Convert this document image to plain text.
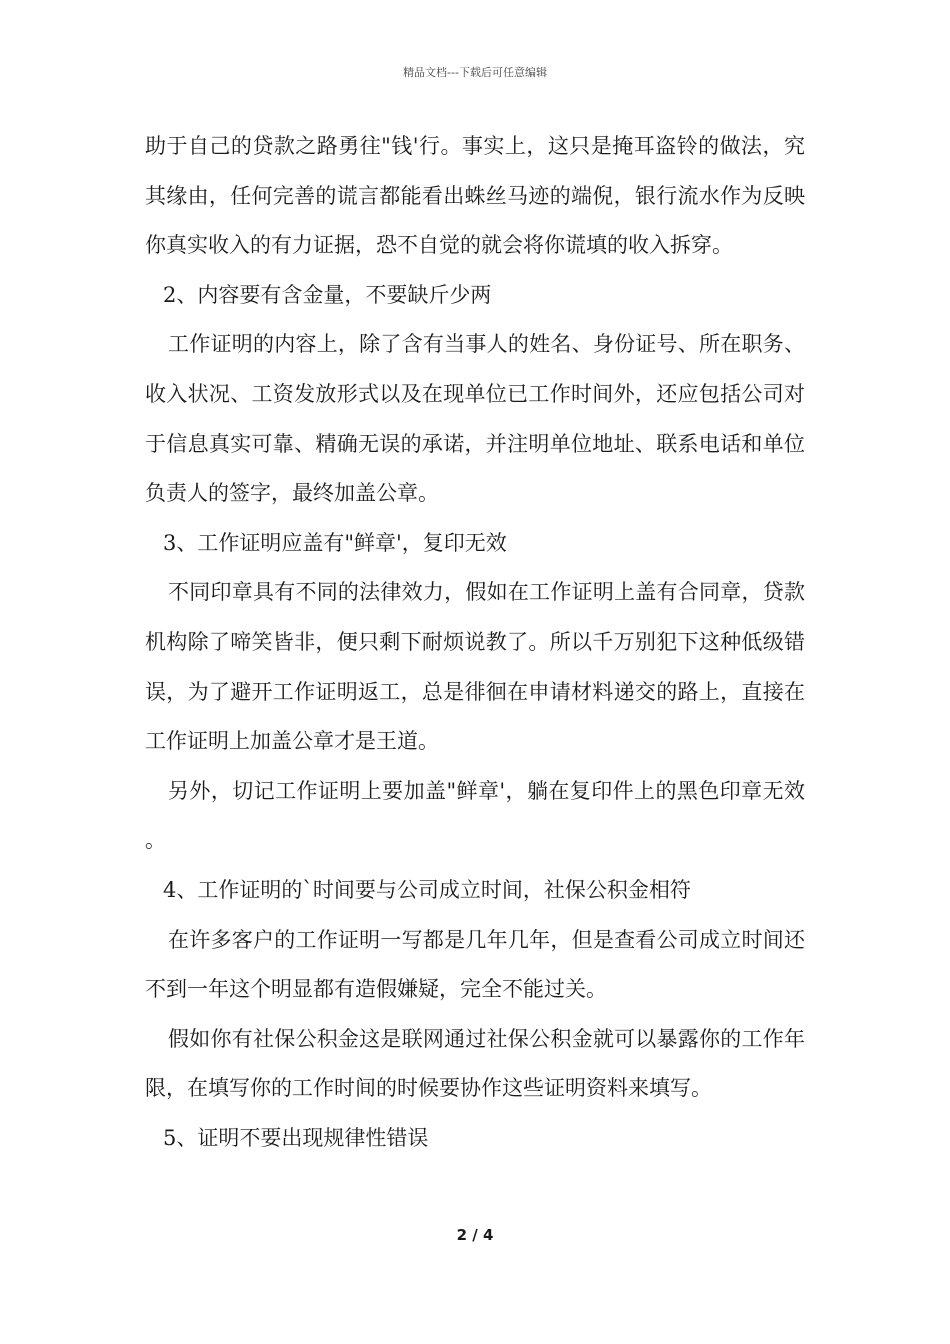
精品文档---下载后可任意编辑

助于自己的贷款之路勇往"钱'行。事实上，这只是掩耳盗铃的做法，究其缘由，任何完善的谎言都能看出蛛丝马迹的端倪，银行流水作为反映你真实收入的有力证据，恐不自觉的就会将你谎填的收入拆穿。

2、内容要有含金量，不要缺斤少两

工作证明的内容上，除了含有当事人的姓名、身份证号、所在职务、收入状况、工资发放形式以及在现单位已工作时间外，还应包括公司对于信息真实可靠、精确无误的承诺，并注明单位地址、联系电话和单位负责人的签字，最终加盖公章。

3、工作证明应盖有"鲜章'，复印无效

不同印章具有不同的法律效力，假如在工作证明上盖有合同章，贷款机构除了啼笑皆非，便只剩下耐烦说教了。所以千万别犯下这种低级错误，为了避开工作证明返工，总是徘徊在申请材料递交的路上，直接在工作证明上加盖公章才是王道。

另外，切记工作证明上要加盖"鲜章'，躺在复印件上的黑色印章无效。

4、工作证明的`时间要与公司成立时间，社保公积金相符

在许多客户的工作证明一写都是几年几年，但是查看公司成立时间还不到一年这个明显都有造假嫌疑，完全不能过关。

假如你有社保公积金这是联网通过社保公积金就可以暴露你的工作年限，在填写你的工作时间的时候要协作这些证明资料来填写。

5、证明不要出现规律性错误

2 / 4
